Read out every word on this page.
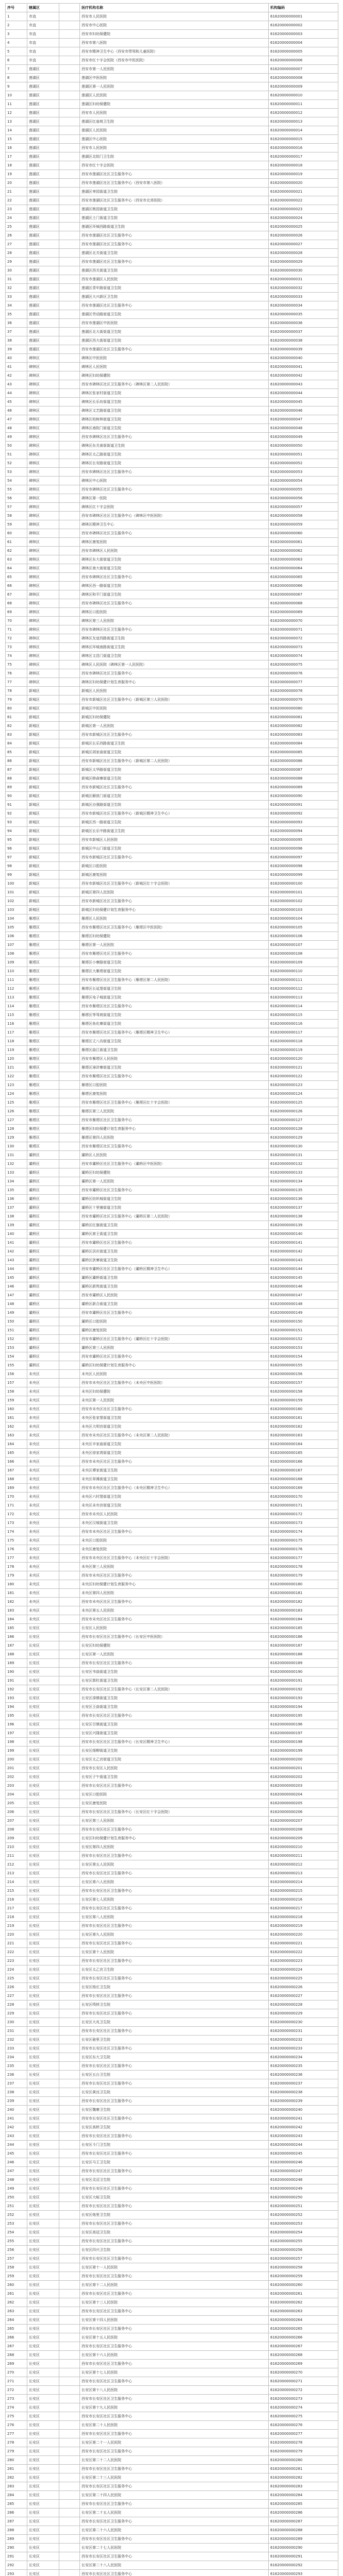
序号	辖属区		医疗机构名称	机构编码
1	市直		西安市人民医院	61620000000001
2	市直		西安市中心医院	61620000000002
3	市直		西安市妇幼保健院	61620000000003
4	市直		西安市第八医院	61620000000004
5	市直		西安市精神卫生中心（西安市带领和儿童医院）	61620000000005
6	市直		西安市红十字会医院（西安市中医医院）	61620000000006
7	莲湖区		西安市第一人民医院	61620000000007
8	莲湖区		莲湖区中医医院	61620000000008
9	莲湖区		莲湖区第一人民医院	61620000000009
10	莲湖区		莲湖区人民医院	61620000000010
11	莲湖区		莲湖区妇幼保健院	61620000000011
12	莲湖区		西安市人民医院	61620000000012
13	莲湖区		莲湖区红庙坡卫生院	61620000000013
14	莲湖区		莲湖区人民医院	61620000000014
15	莲湖区		莲湖区中心医院	61620000000015
16	莲湖区		西安市人民医院	61620000000016
17	莲湖区		莲湖区北院门卫生院	61620000000017
18	莲湖区		西安市红十字会医院	61620000000018
19	莲湖区		西安市莲湖区社区卫生服务中心	61620000000019
20	莲湖区		西安市莲湖区社区卫生服务中心（西安市第八医院）	61620000000020
21	莲湖区		莲湖区枣园街道卫生院	61620000000021
22	莲湖区		西安市莲湖区社区卫生服务中心（西安市北郊医院）	61620000000022
23	莲湖区		莲湖区桃园街道卫生院	61620000000023
24	莲湖区		莲湖区土门街道卫生院	61620000000024
25	莲湖区		莲湖区环城西路街道卫生院	61620000000025
26	莲湖区		西安市莲湖区社区卫生服务中心	61620000000026
27	莲湖区		西安市莲湖区社区卫生服务中心	61620000000027
28	莲湖区		莲湖区北关街道卫生院	61620000000028
29	莲湖区		西安市莲湖区社区卫生服务中心	61620000000029
30	莲湖区		莲湖区西关街道卫生院	61620000000030
31	莲湖区		西安市莲湖区人民医院	61620000000031
32	莲湖区		莲湖区青年路街道卫生院	61620000000032
33	莲湖区		莲湖区大兴新区卫生院	61620000000033
34	莲湖区		西安市莲湖区社区卫生服务中心	61620000000034
35	莲湖区		莲湖区劳动路街道卫生院	61620000000035
36	莲湖区		西安市莲湖区中医医院	61620000000036
37	莲湖区		莲湖区北大街街道卫生院	61620000000037
38	莲湖区		莲湖区西大街街道卫生院	61620000000038
39	莲湖区		西安市莲湖区社区卫生服务中心	61620000000039
40	碑林区		碑林区中医医院	61620000000040
41	碑林区		碑林区人民医院	61620000000041
42	碑林区		碑林区妇幼保健院	61620000000042
43	碑林区		西安市碑林区社区卫生服务中心（碑林区第二人民医院）	61620000000043
44	碑林区		碑林区张家村街道卫生院	61620000000044
45	碑林区		碑林区长乐坊街道卫生院	61620000000045
46	碑林区		碑林区文艺路街道卫生院	61620000000046
47	碑林区		碑林区柏树林街道卫生院	61620000000047
48	碑林区		碑林区南院门街道卫生院	61620000000048
49	碑林区		西安市碑林区社区卫生服务中心	61620000000049
50	碑林区		碑林区东关南街街道卫生院	61620000000050
51	碑林区		碑林区太乙路街道卫生院	61620000000051
52	碑林区		碑林区长安路街道卫生院	61620000000052
53	碑林区		西安市碑林区社区卫生服务中心	61620000000053
54	碑林区		碑林区中心医院	61620000000054
55	碑林区		西安市碑林区社区卫生服务中心	61620000000055
56	碑林区		碑林区第一医院	61620000000056
57	碑林区		碑林区红十字会医院	61620000000057
58	碑林区		西安市碑林区社区卫生服务中心（碑林区中医医院）	61620000000058
59	碑林区		碑林区精神卫生中心	61620000000059
60	碑林区		西安市碑林区社区卫生服务中心	61620000000060
61	碑林区		碑林区康复医院	61620000000061
62	碑林区		西安市碑林区人民医院	61620000000062
63	碑林区		碑林区东大街街道卫生院	61620000000063
64	碑林区		碑林区南大街街道卫生院	61620000000064
65	碑林区		西安市碑林区社区卫生服务中心	61620000000065
66	碑林区		碑林区西一路街道卫生院	61620000000066
67	碑林区		碑林区和平门街道卫生院	61620000000067
68	碑林区		西安市碑林区社区卫生服务中心	61620000000068
69	碑林区		碑林区口腔医院	61620000000069
70	碑林区		碑林区第三人民医院	61620000000070
71	碑林区		西安市碑林区社区卫生服务中心	61620000000071
72	碑林区		碑林区友谊西路街道卫生院	61620000000072
73	碑林区		碑林区环城南路街道卫生院	61620000000073
74	碑林区		碑林区文昌门街道卫生院	61620000000074
75	碑林区		碑林区人民医院（碑林区第一人民医院）	61620000000075
76	碑林区		西安市碑林区社区卫生服务中心	61620000000076
77	碑林区		碑林区妇幼保健计划生育服务中心	61620000000077
78	新城区		新城区人民医院	61620000000078
79	新城区		西安市新城区社区卫生服务中心（新城区第三人民医院）	61620000000079
80	新城区		新城区中医医院	61620000000080
81	新城区		新城区妇幼保健院	61620000000081
82	新城区		新城区第一人民医院	61620000000082
83	新城区		西安市新城区社区卫生服务中心	61620000000083
84	新城区		新城区长乐西路街道卫生院	61620000000084
85	新城区		新城区胡家庙街道卫生院	61620000000085
86	新城区		西安市新城区社区卫生服务中心（新城区第二人民医院）	61620000000086
87	新城区		新城区太华路街道卫生院	61620000000087
88	新城区		新城区韩森寨街道卫生院	61620000000088
89	新城区		西安市新城区社区卫生服务中心	61620000000089
90	新城区		新城区解放门街道卫生院	61620000000090
91	新城区		新城区自强路街道卫生院	61620000000091
92	新城区		西安市新城区社区卫生服务中心（新城区精神卫生中心）	61620000000092
93	新城区		新城区西一路街道卫生院	61620000000093
94	新城区		新城区长乐中路街道卫生院	61620000000094
95	新城区		西安市新城区人民医院	61620000000095
96	新城区		新城区中山门街道卫生院	61620000000096
97	新城区		西安市新城区社区卫生服务中心	61620000000097
98	新城区		新城区口腔医院	61620000000098
99	新城区		新城区康复医院	61620000000099
100	新城区		西安市新城区社区卫生服务中心（新城区红十字会医院）	61620000000100
101	新城区		新城区第四人民医院	61620000000101
102	新城区		西安市新城区社区卫生服务中心	61620000000102
103	新城区		新城区妇幼保健计划生育服务中心	61620000000103
104	雁塔区		雁塔区人民医院	61620000000104
105	雁塔区		西安市雁塔区社区卫生服务中心（雁塔区中医医院）	61620000000105
106	雁塔区		雁塔区妇幼保健院	61620000000106
107	雁塔区		雁塔区第一人民医院	61620000000107
108	雁塔区		西安市雁塔区社区卫生服务中心	61620000000108
109	雁塔区		雁塔区小寨路街道卫生院	61620000000109
110	雁塔区		雁塔区大雁塔街道卫生院	61620000000110
111	雁塔区		西安市雁塔区社区卫生服务中心（雁塔区第二人民医院）	61620000000111
112	雁塔区		雁塔区长延堡街道卫生院	61620000000112
113	雁塔区		雁塔区电子城街道卫生院	61620000000113
114	雁塔区		西安市雁塔区社区卫生服务中心	61620000000114
115	雁塔区		雁塔区等驾坡街道卫生院	61620000000115
116	雁塔区		雁塔区鱼化寨街道卫生院	61620000000116
117	雁塔区		西安市雁塔区社区卫生服务中心（雁塔区精神卫生中心）	61620000000117
118	雁塔区		雁塔区丈八沟街道卫生院	61620000000118
119	雁塔区		雁塔区曲江街道卫生院	61620000000119
120	雁塔区		西安市雁塔区人民医院	61620000000120
121	雁塔区		雁塔区漳浒寨街道卫生院	61620000000121
122	雁塔区		西安市雁塔区社区卫生服务中心	61620000000122
123	雁塔区		雁塔区口腔医院	61620000000123
124	雁塔区		雁塔区康复医院	61620000000124
125	雁塔区		西安市雁塔区社区卫生服务中心（雁塔区红十字会医院）	61620000000125
126	雁塔区		雁塔区第三人民医院	61620000000126
127	雁塔区		西安市雁塔区社区卫生服务中心	61620000000127
128	雁塔区		雁塔区妇幼保健计划生育服务中心	61620000000128
129	雁塔区		雁塔区第四人民医院	61620000000129
130	雁塔区		西安市雁塔区社区卫生服务中心	61620000000130
131	灞桥区		灞桥区人民医院	61620000000131
132	灞桥区		西安市灞桥区社区卫生服务中心（灞桥区中医医院）	61620000000132
133	灞桥区		灞桥区妇幼保健院	61620000000133
134	灞桥区		灞桥区第一人民医院	61620000000134
135	灞桥区		西安市灞桥区社区卫生服务中心	61620000000135
136	灞桥区		灞桥区纺织城街道卫生院	61620000000136
137	灞桥区		灞桥区十里铺街道卫生院	61620000000137
138	灞桥区		西安市灞桥区社区卫生服务中心（灞桥区第二人民医院）	61620000000138
139	灞桥区		灞桥区红旗街道卫生院	61620000000139
140	灞桥区		灞桥区席王街道卫生院	61620000000140
141	灞桥区		西安市灞桥区社区卫生服务中心	61620000000141
142	灞桥区		灞桥区洪庆街道卫生院	61620000000142
143	灞桥区		灞桥区狄寨街道卫生院	61620000000143
144	灞桥区		西安市灞桥区社区卫生服务中心（灞桥区精神卫生中心）	61620000000144
145	灞桥区		灞桥区灞桥街道卫生院	61620000000145
146	灞桥区		灞桥区新筑街道卫生院	61620000000146
147	灞桥区		西安市灞桥区人民医院	61620000000147
148	灞桥区		灞桥区新合街道卫生院	61620000000148
149	灞桥区		西安市灞桥区社区卫生服务中心	61620000000149
150	灞桥区		灞桥区口腔医院	61620000000150
151	灞桥区		灞桥区康复医院	61620000000151
152	灞桥区		西安市灞桥区社区卫生服务中心（灞桥区红十字会医院）	61620000000152
153	灞桥区		灞桥区第三人民医院	61620000000153
154	灞桥区		西安市灞桥区社区卫生服务中心	61620000000154
155	灞桥区		灞桥区妇幼保健计划生育服务中心	61620000000155
156	未央区		未央区人民医院	61620000000156
157	未央区		西安市未央区社区卫生服务中心（未央区中医医院）	61620000000157
158	未央区		未央区妇幼保健院	61620000000158
159	未央区		未央区第一人民医院	61620000000159
160	未央区		西安市未央区社区卫生服务中心	61620000000160
161	未央区		未央区张家堡街道卫生院	61620000000161
162	未央区		未央区大明宫街道卫生院	61620000000162
163	未央区		西安市未央区社区卫生服务中心（未央区第二人民医院）	61620000000163
164	未央区		未央区辛家庙街道卫生院	61620000000164
165	未央区		未央区徐家湾街道卫生院	61620000000165
166	未央区		西安市未央区社区卫生服务中心	61620000000166
167	未央区		未央区谭家街道卫生院	61620000000167
168	未央区		未央区草滩街道卫生院	61620000000168
169	未央区		西安市未央区社区卫生服务中心（未央区精神卫生中心）	61620000000169
170	未央区		未央区六村堡街道卫生院	61620000000170
171	未央区		未央区未央宫街道卫生院	61620000000171
172	未央区		西安市未央区人民医院	61620000000172
173	未央区		未央区汉城街道卫生院	61620000000173
174	未央区		西安市未央区社区卫生服务中心	61620000000174
175	未央区		未央区口腔医院	61620000000175
176	未央区		未央区康复医院	61620000000176
177	未央区		西安市未央区社区卫生服务中心（未央区红十字会医院）	61620000000177
178	未央区		未央区第三人民医院	61620000000178
179	未央区		西安市未央区社区卫生服务中心	61620000000179
180	未央区		未央区妇幼保健计划生育服务中心	61620000000180
181	未央区		未央区第四人民医院	61620000000181
182	未央区		西安市未央区社区卫生服务中心	61620000000182
183	未央区		未央区第五人民医院	61620000000183
184	未央区		西安市未央区社区卫生服务中心	61620000000184
185	长安区		长安区人民医院	61620000000185
186	长安区		西安市长安区社区卫生服务中心（长安区中医医院）	61620000000186
187	长安区		长安区妇幼保健院	61620000000187
188	长安区		长安区第一人民医院	61620000000188
189	长安区		西安市长安区社区卫生服务中心	61620000000189
190	长安区		长安区韦曲街道卫生院	61620000000190
191	长安区		长安区郭杜街道卫生院	61620000000191
192	长安区		西安市长安区社区卫生服务中心（长安区第二人民医院）	61620000000192
193	长安区		长安区滦镇街道卫生院	61620000000193
194	长安区		长安区王曲街道卫生院	61620000000194
195	长安区		西安市长安区社区卫生服务中心	61620000000195
196	长安区		长安区引镇街道卫生院	61620000000196
197	长安区		长安区兴隆街道卫生院	61620000000197
198	长安区		西安市长安区社区卫生服务中心（长安区精神卫生中心）	61620000000198
199	长安区		长安区细柳街道卫生院	61620000000199
200	长安区		长安区太乙宫街道卫生院	61620000000200
201	长安区		西安市长安区人民医院	61620000000201
202	长安区		长安区子午街道卫生院	61620000000202
203	长安区		西安市长安区社区卫生服务中心	61620000000203
204	长安区		长安区口腔医院	61620000000204
205	长安区		长安区康复医院	61620000000205
206	长安区		西安市长安区社区卫生服务中心（长安区红十字会医院）	61620000000206
207	长安区		长安区第三人民医院	61620000000207
208	长安区		西安市长安区社区卫生服务中心	61620000000208
209	长安区		长安区妇幼保健计划生育服务中心	61620000000209
210	长安区		长安区第四人民医院	61620000000210
211	长安区		西安市长安区社区卫生服务中心	61620000000211
212	长安区		长安区第五人民医院	61620000000212
213	长安区		西安市长安区社区卫生服务中心	61620000000213
214	长安区		长安区第六人民医院	61620000000214
215	长安区		西安市长安区社区卫生服务中心	61620000000215
216	长安区		长安区第七人民医院	61620000000216
217	长安区		西安市长安区社区卫生服务中心	61620000000217
218	长安区		长安区第八人民医院	61620000000218
219	长安区		西安市长安区社区卫生服务中心	61620000000219
220	长安区		长安区第九人民医院	61620000000220
221	长安区		西安市长安区社区卫生服务中心	61620000000221
222	长安区		长安区第十人民医院	61620000000222
223	长安区		西安市长安区社区卫生服务中心	61620000000223
224	长安区		长安区太乙宫卫生院	61620000000224
225	长安区		西安市长安区社区卫生服务中心	61620000000225
226	长安区		长安区杨庄卫生院	61620000000226
227	长安区		西安市长安区社区卫生服务中心	61620000000227
228	长安区		长安区鸣犊卫生院	61620000000228
229	长安区		西安市长安区社区卫生服务中心	61620000000229
230	长安区		长安区大兆卫生院	61620000000230
231	长安区		西安市长安区社区卫生服务中心	61620000000231
232	长安区		长安区砲里卫生院	61620000000232
233	长安区		西安市长安区社区卫生服务中心	61620000000233
234	长安区		长安区东大卫生院	61620000000234
235	长安区		西安市长安区社区卫生服务中心	61620000000235
236	长安区		长安区五台卫生院	61620000000236
237	长安区		西安市长安区社区卫生服务中心	61620000000237
238	长安区		长安区黄良卫生院	61620000000238
239	长安区		西安市长安区社区卫生服务中心	61620000000239
240	长安区		长安区魏寨卫生院	61620000000240
241	长安区		西安市长安区社区卫生服务中心	61620000000241
242	长安区		长安区高桥卫生院	61620000000242
243	长安区		西安市长安区社区卫生服务中心	61620000000243
244	长安区		长安区斗门卫生院	61620000000244
245	长安区		西安市长安区社区卫生服务中心	61620000000245
246	长安区		长安区马王卫生院	61620000000246
247	长安区		西安市长安区社区卫生服务中心	61620000000247
248	长安区		长安区灵沼卫生院	61620000000248
249	长安区		西安市长安区社区卫生服务中心	61620000000249
250	长安区		长安区大峪卫生院	61620000000250
251	长安区		西安市长安区社区卫生服务中心	61620000000251
252	长安区		长安区炮里卫生院	61620000000252
253	长安区		西安市长安区社区卫生服务中心	61620000000253
254	长安区		长安区高冠卫生院	61620000000254
255	长安区		西安市长安区社区卫生服务中心	61620000000255
256	长安区		长安区四兴卫生院	61620000000256
257	长安区		西安市长安区社区卫生服务中心	61620000000257
258	长安区		长安区第十一人民医院	61620000000258
259	长安区		西安市长安区社区卫生服务中心	61620000000259
260	长安区		长安区第十二人民医院	61620000000260
261	长安区		西安市长安区社区卫生服务中心	61620000000261
262	长安区		长安区第十三人民医院	61620000000262
263	长安区		西安市长安区社区卫生服务中心	61620000000263
264	长安区		长安区第十四人民医院	61620000000264
265	长安区		西安市长安区社区卫生服务中心	61620000000265
266	长安区		长安区第十五人民医院	61620000000266
267	长安区		西安市长安区社区卫生服务中心	61620000000267
268	长安区		长安区第十六人民医院	61620000000268
269	长安区		西安市长安区社区卫生服务中心	61620000000269
270	长安区		长安区第十七人民医院	61620000000270
271	长安区		西安市长安区社区卫生服务中心	61620000000271
272	长安区		长安区第十八人民医院	61620000000272
273	长安区		西安市长安区社区卫生服务中心	61620000000273
274	长安区		长安区第十九人民医院	61620000000274
275	长安区		西安市长安区社区卫生服务中心	61620000000275
276	长安区		长安区第二十人民医院	61620000000276
277	长安区		西安市长安区社区卫生服务中心	61620000000277
278	长安区		长安区第二十一人民医院	61620000000278
279	长安区		西安市长安区社区卫生服务中心	61620000000279
280	长安区		长安区第二十二人民医院	61620000000280
281	长安区		西安市长安区社区卫生服务中心	61620000000281
282	长安区		长安区第二十三人民医院	61620000000282
283	长安区		西安市长安区社区卫生服务中心	61620000000283
284	长安区		长安区第二十四人民医院	61620000000284
285	长安区		西安市长安区社区卫生服务中心	61620000000285
286	长安区		长安区第二十五人民医院	61620000000286
287	长安区		西安市长安区社区卫生服务中心	61620000000287
288	长安区		长安区第二十六人民医院	61620000000288
289	长安区		西安市长安区社区卫生服务中心	61620000000289
290	长安区		长安区第二十七人民医院	61620000000290
291	长安区		西安市长安区社区卫生服务中心	61620000000291
292	长安区		长安区第二十八人民医院	61620000000292
293	长安区		西安市长安区社区卫生服务中心	61620000000293
